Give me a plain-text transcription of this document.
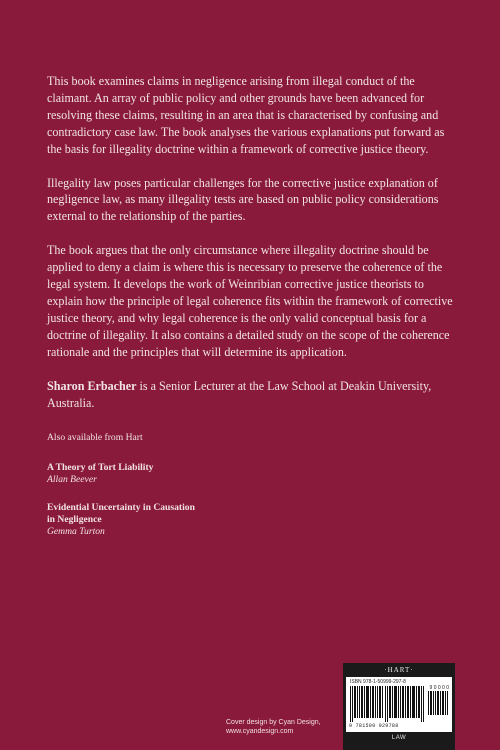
This book examines claims in negligence arising from illegal conduct of the claimant. An array of public policy and other grounds have been advanced for resolving these claims, resulting in an area that is characterised by confusing and contradictory case law. The book analyses the various explanations put forward as the basis for illegality doctrine within a framework of corrective justice theory.

Illegality law poses particular challenges for the corrective justice explanation of negligence law, as many illegality tests are based on public policy considerations external to the relationship of the parties.

The book argues that the only circumstance where illegality doctrine should be applied to deny a claim is where this is necessary to preserve the coherence of the legal system. It develops the work of Weinribian corrective justice theorists to explain how the principle of legal coherence fits within the framework of corrective justice theory, and why legal coherence is the only valid conceptual basis for a doctrine of illegality. It also contains a detailed study on the scope of the coherence rationale and the principles that will determine its application.

Sharon Erbacher is a Senior Lecturer at the Law School at Deakin University, Australia.

Also available from Hart
A Theory of Tort Liability
Allan Beever
Evidential Uncertainty in Causation in Negligence
Gemma Turton
Cover design by Cyan Design,
www.cyandesign.com
·HART·
ISBN 978-1-50999-297-8
9 0 0 0 0
9 781509 929788
LAW
